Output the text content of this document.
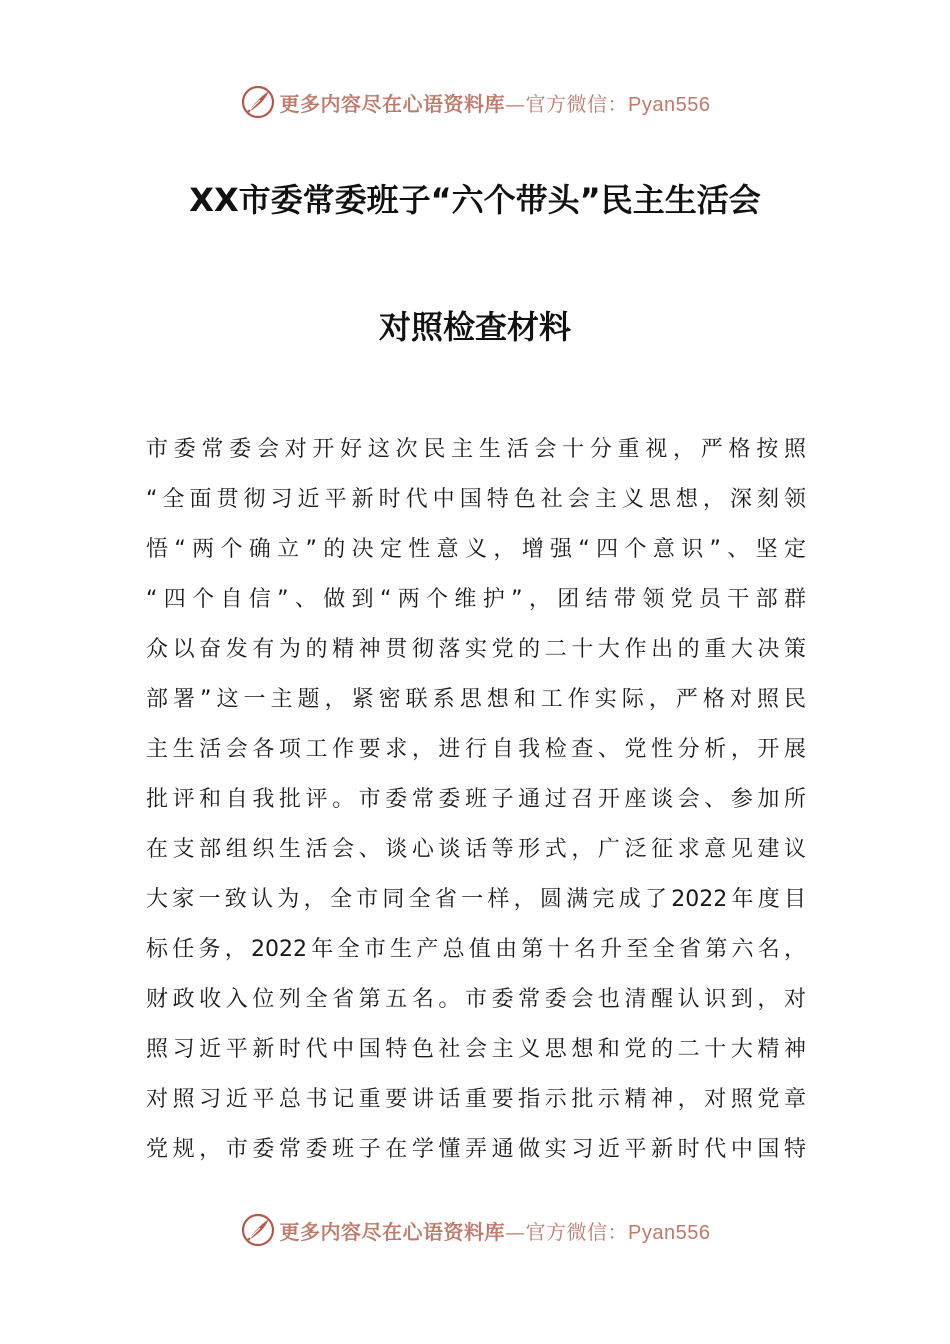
更多内容尽在心语资料库—官方微信：Pyan556
XX市委常委班子“六个带头”民主生活会
对照检查材料
市委常委会对开好这次民主生活会十分重视，严格按照
“全面贯彻习近平新时代中国特色社会主义思想，深刻领
悟“两个确立”的决定性意义，增强“四个意识”、坚定
“四个自信”、做到“两个维护”，团结带领党员干部群
众以奋发有为的精神贯彻落实党的二十大作出的重大决策
部署”这一主题，紧密联系思想和工作实际，严格对照民
主生活会各项工作要求，进行自我检查、党性分析，开展
批评和自我批评。市委常委班子通过召开座谈会、参加所
在支部组织生活会、谈心谈话等形式，广泛征求意见建议
大家一致认为，全市同全省一样，圆满完成了2022年度目
标任务，2022年全市生产总值由第十名升至全省第六名，
财政收入位列全省第五名。市委常委会也清醒认识到，对
照习近平新时代中国特色社会主义思想和党的二十大精神
对照习近平总书记重要讲话重要指示批示精神，对照党章
党规，市委常委班子在学懂弄通做实习近平新时代中国特
更多内容尽在心语资料库—官方微信：Pyan556
